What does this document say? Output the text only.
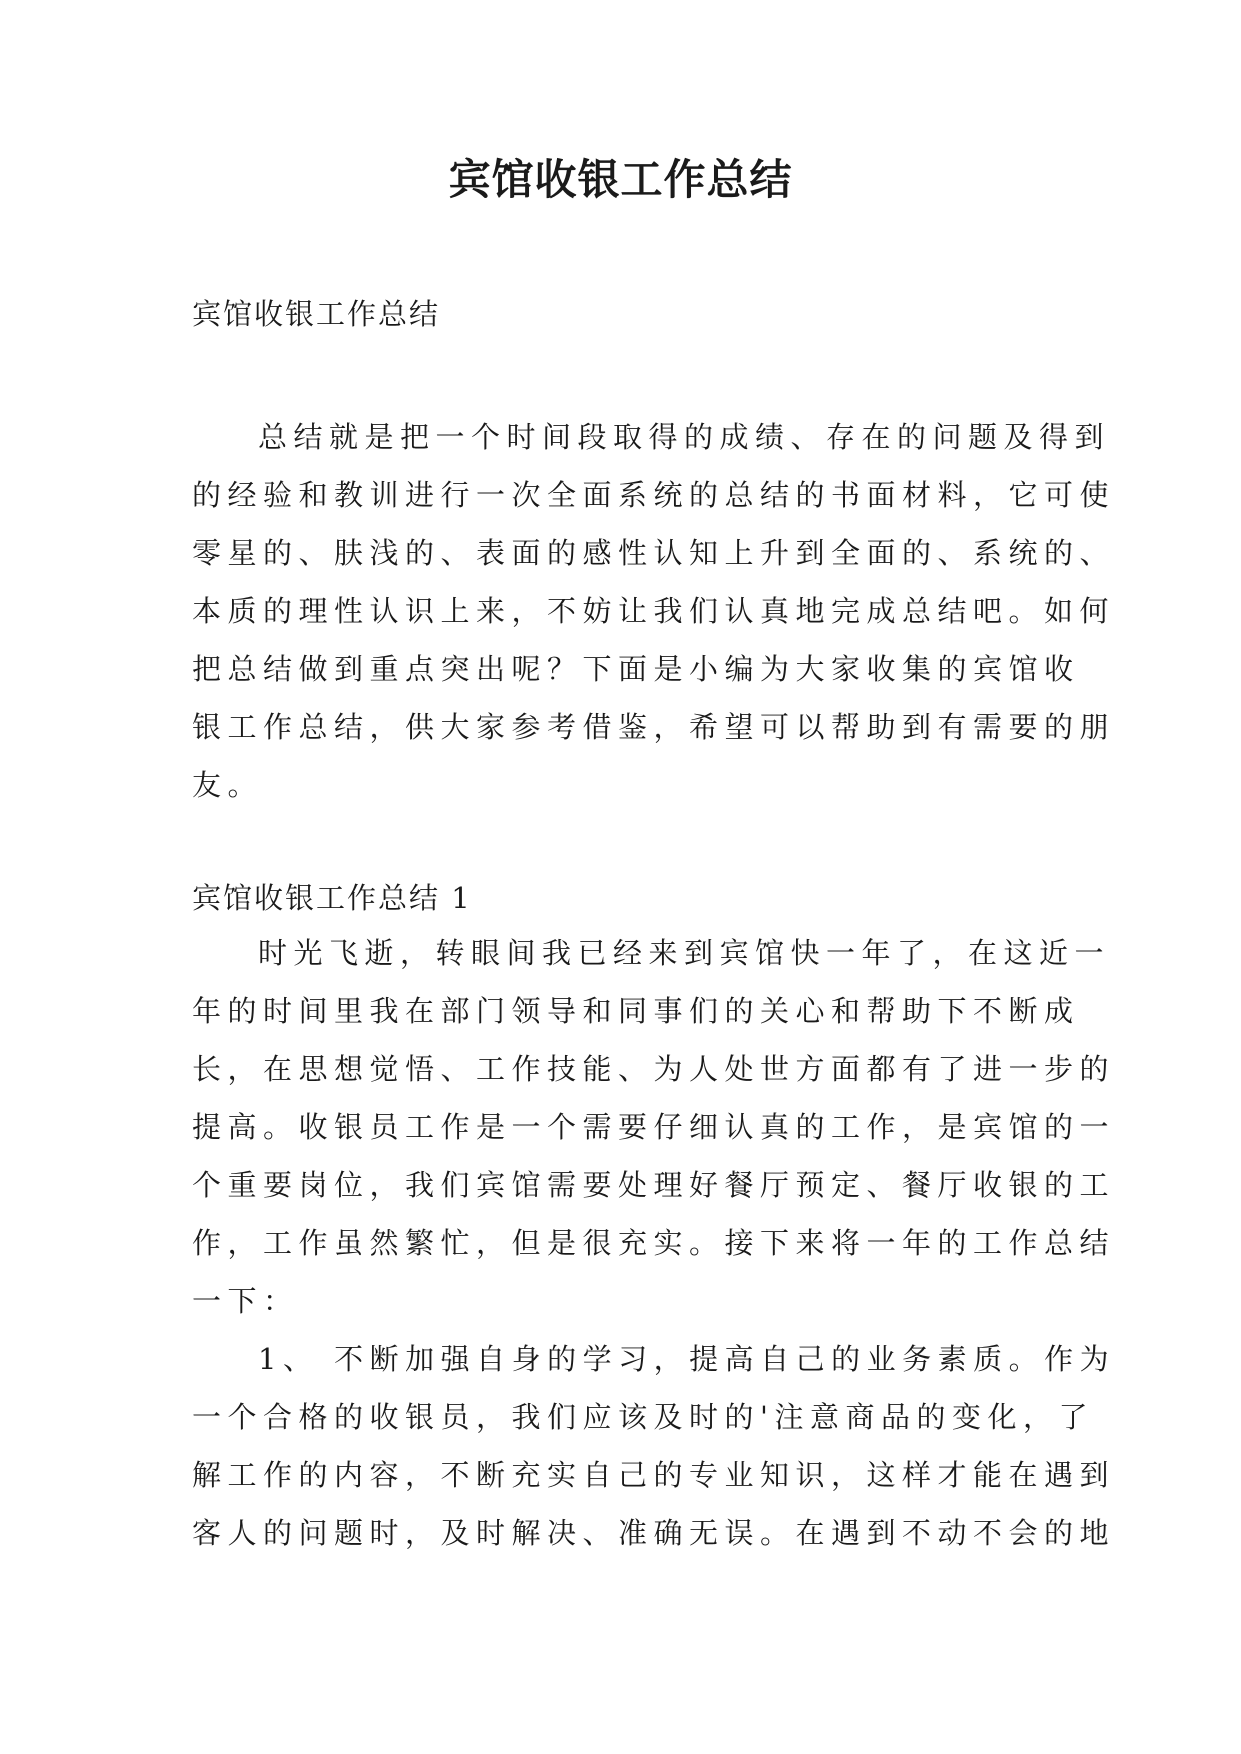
宾馆收银工作总结

宾馆收银工作总结

总结就是把一个时间段取得的成绩、存在的问题及得到
的经验和教训进行一次全面系统的总结的书面材料，它可使
零星的、肤浅的、表面的感性认知上升到全面的、系统的、
本质的理性认识上来，不妨让我们认真地完成总结吧。如何
把总结做到重点突出呢？下面是小编为大家收集的宾馆收
银工作总结，供大家参考借鉴，希望可以帮助到有需要的朋
友。

宾馆收银工作总结 1

时光飞逝，转眼间我已经来到宾馆快一年了，在这近一
年的时间里我在部门领导和同事们的关心和帮助下不断成
长，在思想觉悟、工作技能、为人处世方面都有了进一步的
提高。收银员工作是一个需要仔细认真的工作，是宾馆的一
个重要岗位，我们宾馆需要处理好餐厅预定、餐厅收银的工
作，工作虽然繁忙，但是很充实。接下来将一年的工作总结
一下：

1、 不断加强自身的学习，提高自己的业务素质。作为
一个合格的收银员，我们应该及时的'注意商品的变化，了
解工作的内容，不断充实自己的专业知识，这样才能在遇到
客人的问题时，及时解决、准确无误。在遇到不动不会的地
